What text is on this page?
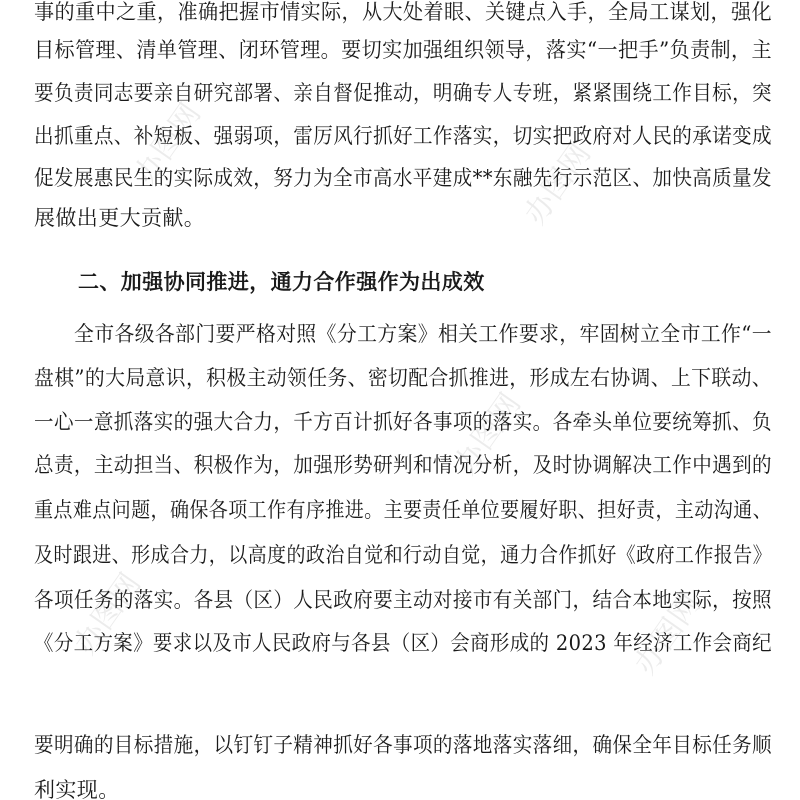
办图网	办图网
办图网
办图网	办图网
事的重中之重，准确把握市情实际，从大处着眼、关键点入手，全局工谋划，强化
目标管理、清单管理、闭环管理。要切实加强组织领导，落实“一把手”负责制，主
要负责同志要亲自研究部署、亲自督促推动，明确专人专班，紧紧围绕工作目标，突
出抓重点、补短板、强弱项，雷厉风行抓好工作落实，切实把政府对人民的承诺变成
促发展惠民生的实际成效，努力为全市高水平建成**东融先行示范区、加快高质量发
展做出更大贡献。
二、加强协同推进，通力合作强作为出成效
全市各级各部门要严格对照《分工方案》相关工作要求，牢固树立全市工作“一
盘棋”的大局意识，积极主动领任务、密切配合抓推进，形成左右协调、上下联动、
一心一意抓落实的强大合力，千方百计抓好各事项的落实。各牵头单位要统筹抓、负
总责，主动担当、积极作为，加强形势研判和情况分析，及时协调解决工作中遇到的
重点难点问题，确保各项工作有序推进。主要责任单位要履好职、担好责，主动沟通、
及时跟进、形成合力，以高度的政治自觉和行动自觉，通力合作抓好《政府工作报告》
各项任务的落实。各县（区）人民政府要主动对接市有关部门，结合本地实际，按照
《分工方案》要求以及市人民政府与各县（区）会商形成的 2023 年经济工作会商纪
要明确的目标措施，以钉钉子精神抓好各事项的落地落实落细，确保全年目标任务顺
利实现。
